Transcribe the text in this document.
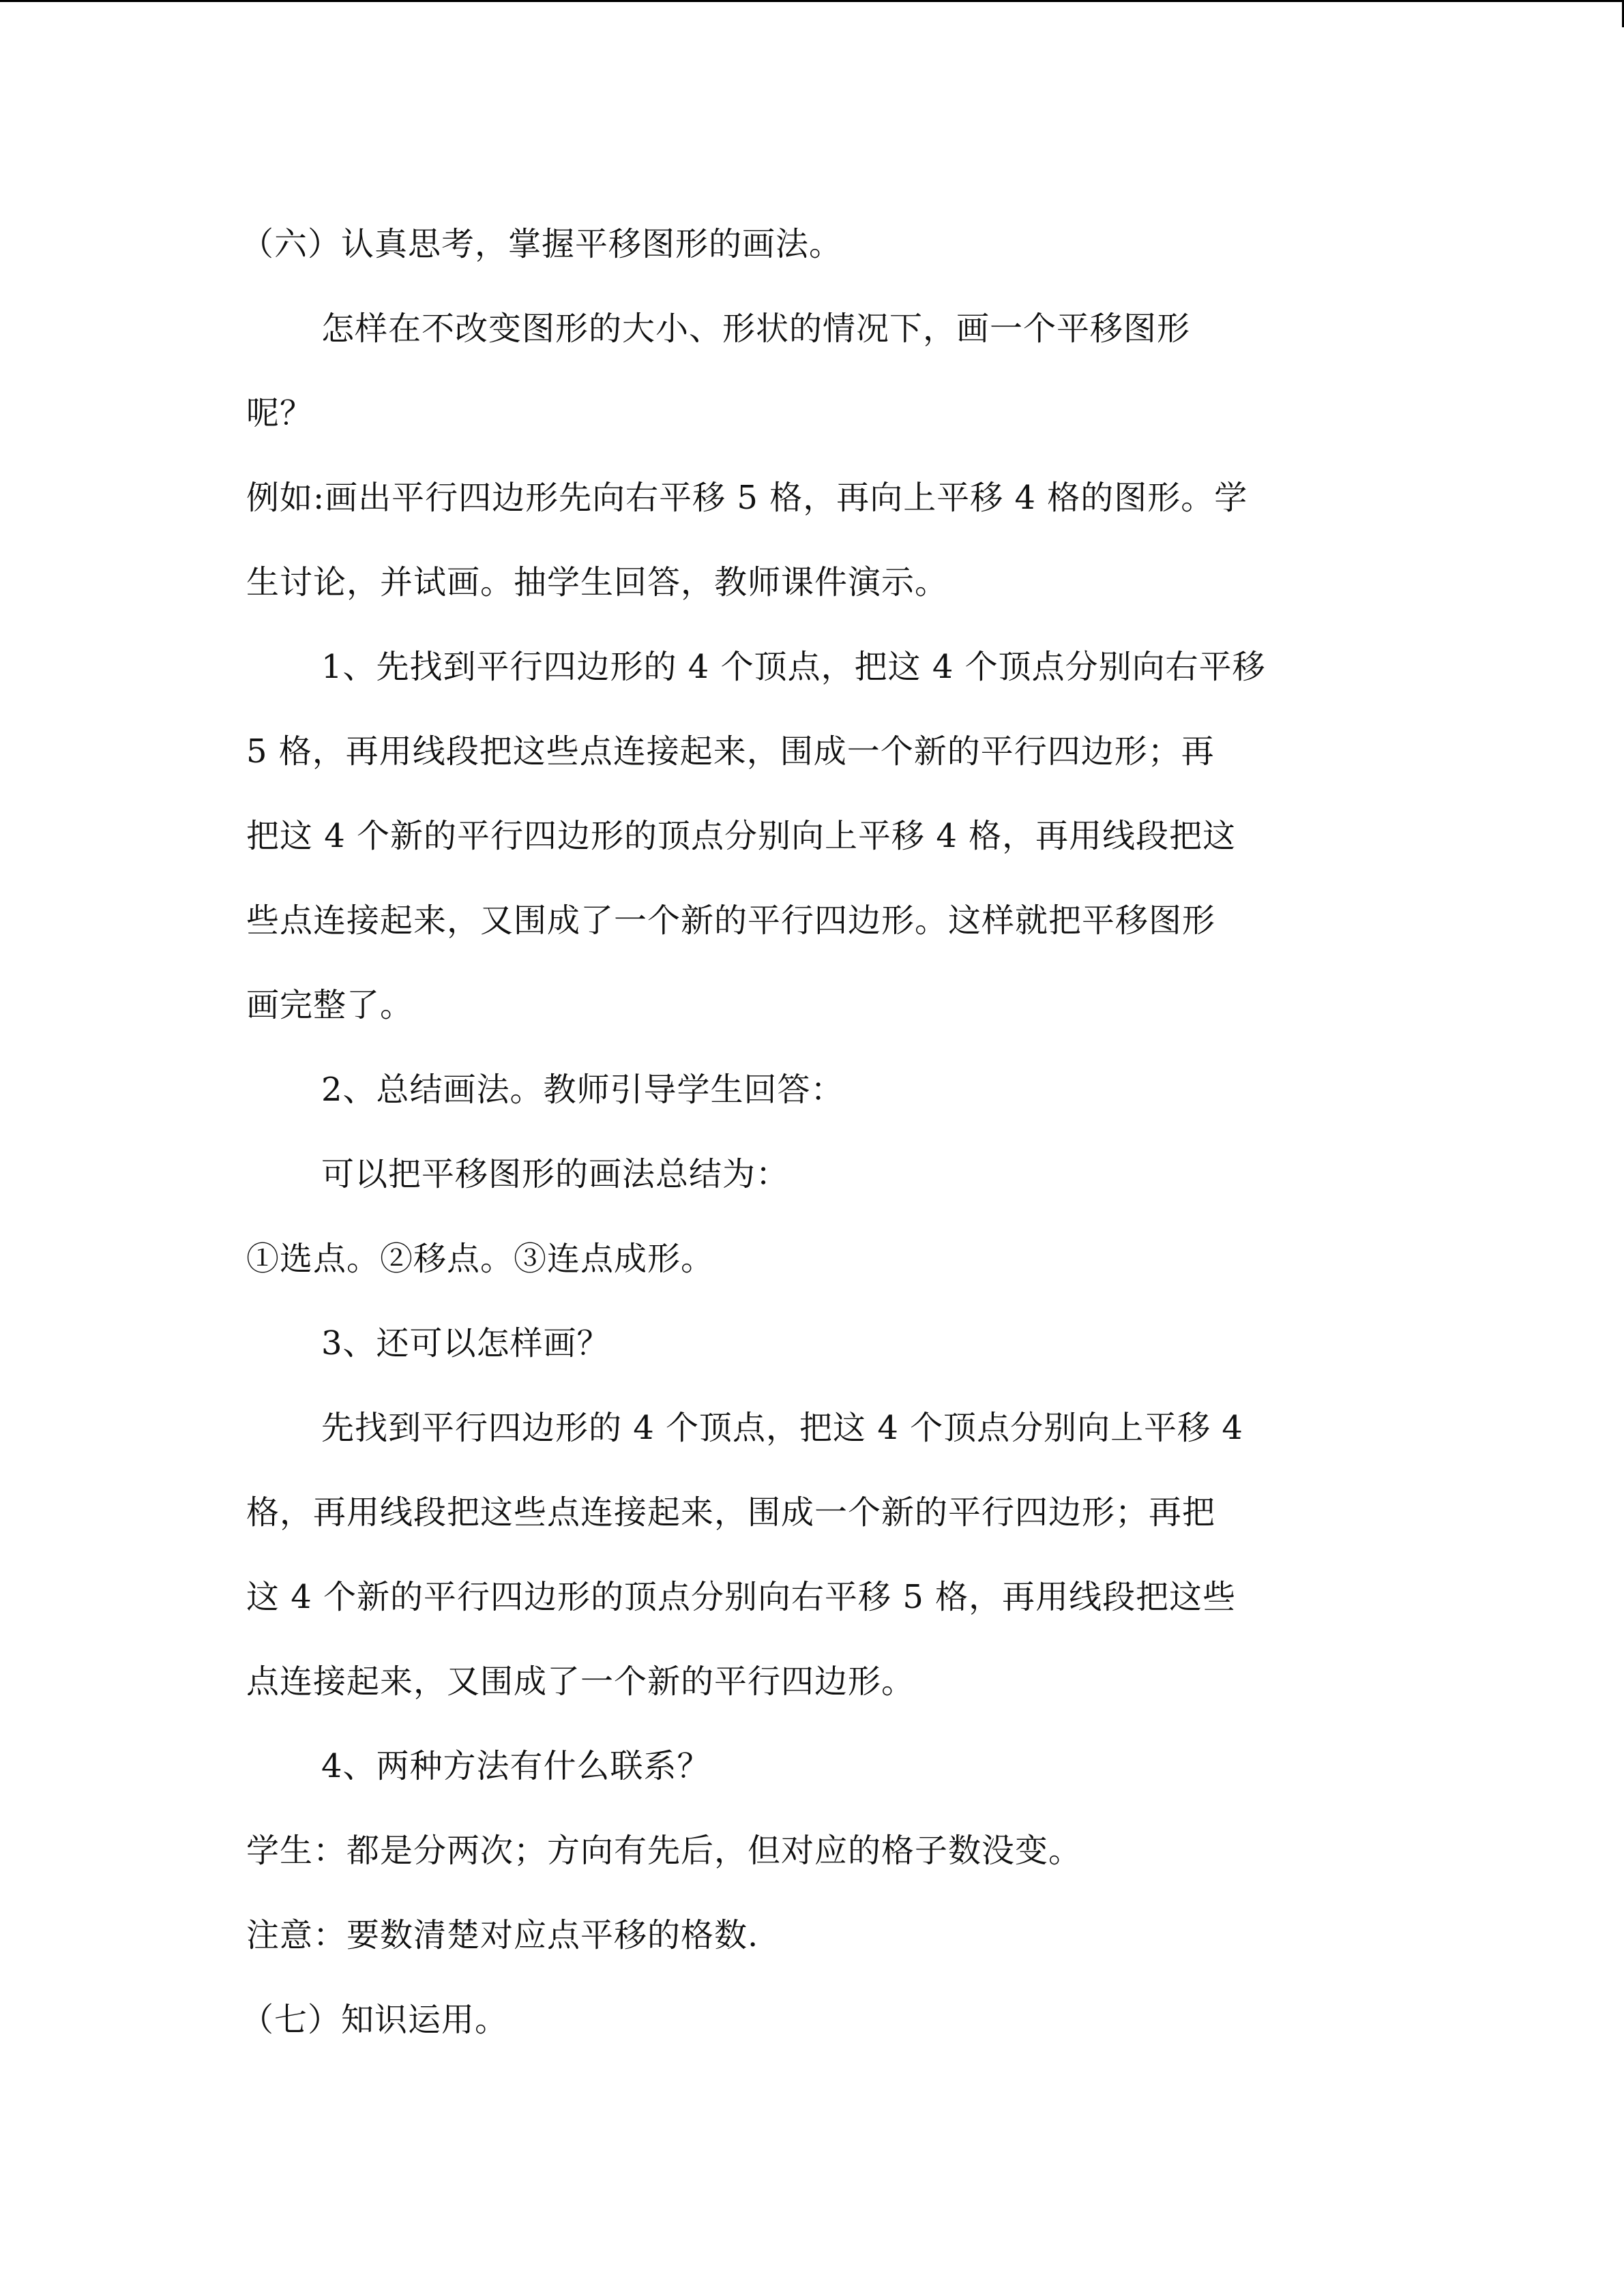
（六）认真思考，掌握平移图形的画法。
怎样在不改变图形的大小、形状的情况下，画一个平移图形
呢？
例如:画出平行四边形先向右平移 5 格，再向上平移 4 格的图形。学
生讨论，并试画。抽学生回答，教师课件演示。
1、先找到平行四边形的 4 个顶点，把这 4 个顶点分别向右平移
5 格，再用线段把这些点连接起来，围成一个新的平行四边形；再
把这 4 个新的平行四边形的顶点分别向上平移 4 格，再用线段把这
些点连接起来，又围成了一个新的平行四边形。这样就把平移图形
画完整了。
2、总结画法。教师引导学生回答：
可以把平移图形的画法总结为：
①选点。②移点。③连点成形。
3、还可以怎样画？
先找到平行四边形的 4 个顶点，把这 4 个顶点分别向上平移 4
格，再用线段把这些点连接起来，围成一个新的平行四边形；再把
这 4 个新的平行四边形的顶点分别向右平移 5 格，再用线段把这些
点连接起来，又围成了一个新的平行四边形。
4、两种方法有什么联系？
学生：都是分两次；方向有先后，但对应的格子数没变。
注意：要数清楚对应点平移的格数.
（七）知识运用。
